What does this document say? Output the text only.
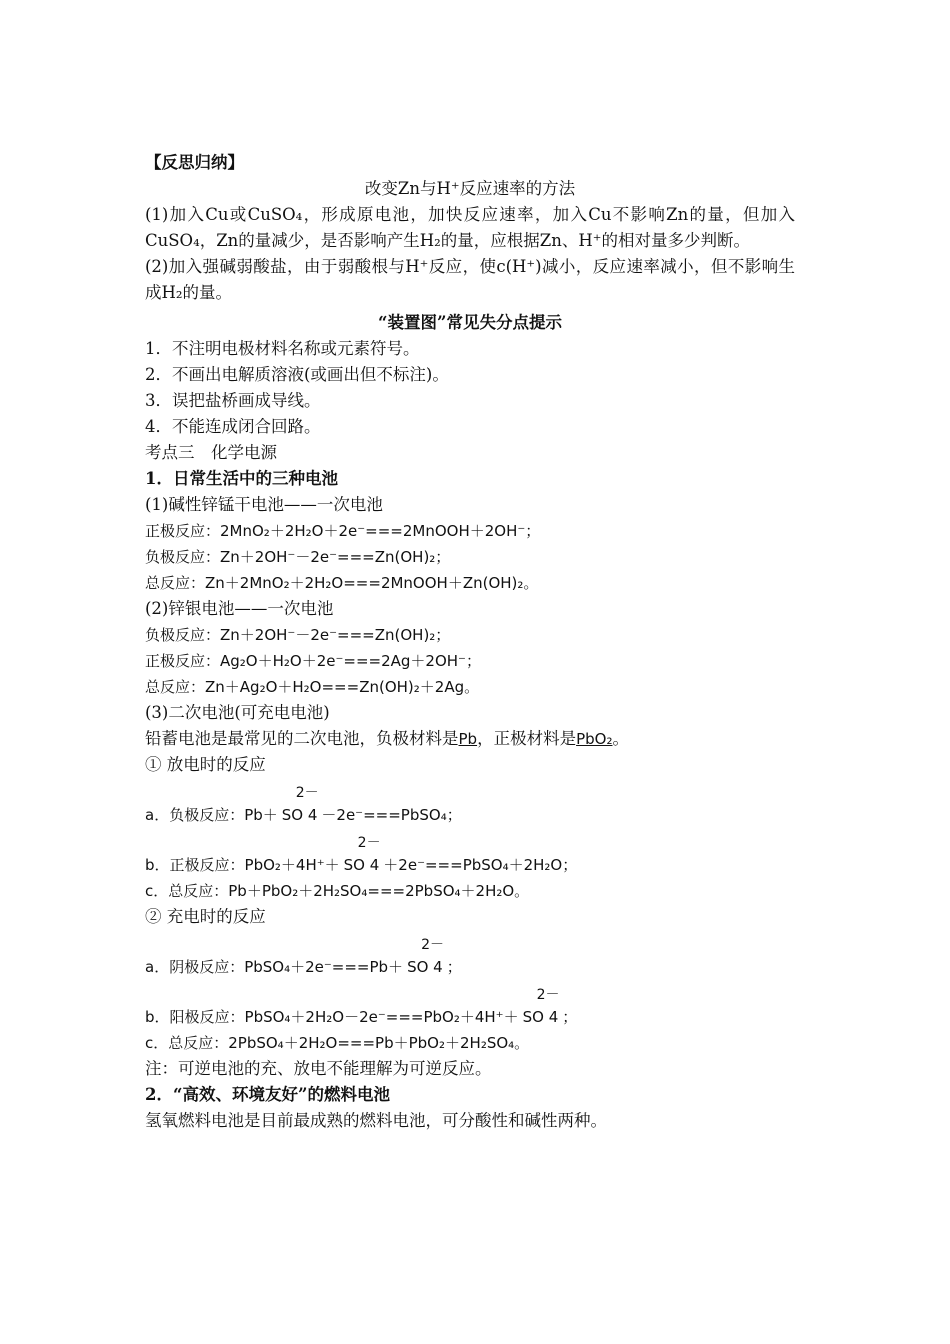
【反思归纳】
改变Zn与H⁺反应速率的方法
(1)加入Cu或CuSO₄，形成原电池，加快反应速率，加入Cu不影响Zn的量，但加入CuSO₄，Zn的量减少，是否影响产生H₂的量，应根据Zn、H⁺的相对量多少判断。
(2)加入强碱弱酸盐，由于弱酸根与H⁺反应，使c(H⁺)减小，反应速率减小，但不影响生成H₂的量。
“装置图”常见失分点提示
1．不注明电极材料名称或元素符号。
2．不画出电解质溶液(或画出但不标注)。
3．误把盐桥画成导线。
4．不能连成闭合回路。
考点三　化学电源
1．日常生活中的三种电池
(1)碱性锌锰干电池——一次电池
正极反应：2MnO₂＋2H₂O＋2e⁻===2MnOOH＋2OH⁻；
负极反应：Zn＋2OH⁻－2e⁻===Zn(OH)₂；
总反应：Zn＋2MnO₂＋2H₂O===2MnOOH＋Zn(OH)₂。
(2)锌银电池——一次电池
负极反应：Zn＋2OH⁻－2e⁻===Zn(OH)₂；
正极反应：Ag₂O＋H₂O＋2e⁻===2Ag＋2OH⁻；
总反应：Zn＋Ag₂O＋H₂O===Zn(OH)₂＋2Ag。
(3)二次电池(可充电电池)
铅蓄电池是最常见的二次电池，负极材料是Pb，正极材料是PbO₂。
① 放电时的反应
a．负极反应：Pb＋
2－
SO 4 －2e⁻===PbSO₄；
b．正极反应：PbO₂＋4H⁺＋
2－
SO 4 ＋2e⁻===PbSO₄＋2H₂O；
c．总反应：Pb＋PbO₂＋2H₂SO₄===2PbSO₄＋2H₂O。
② 充电时的反应
a．阴极反应：PbSO₄＋2e⁻===Pb＋
2－
SO 4 ；
b．阳极反应：PbSO₄＋2H₂O－2e⁻===PbO₂＋4H⁺＋
2－
SO 4 ；
c．总反应：2PbSO₄＋2H₂O===Pb＋PbO₂＋2H₂SO₄。
注：可逆电池的充、放电不能理解为可逆反应。
2．“高效、环境友好”的燃料电池
氢氧燃料电池是目前最成熟的燃料电池，可分酸性和碱性两种。
